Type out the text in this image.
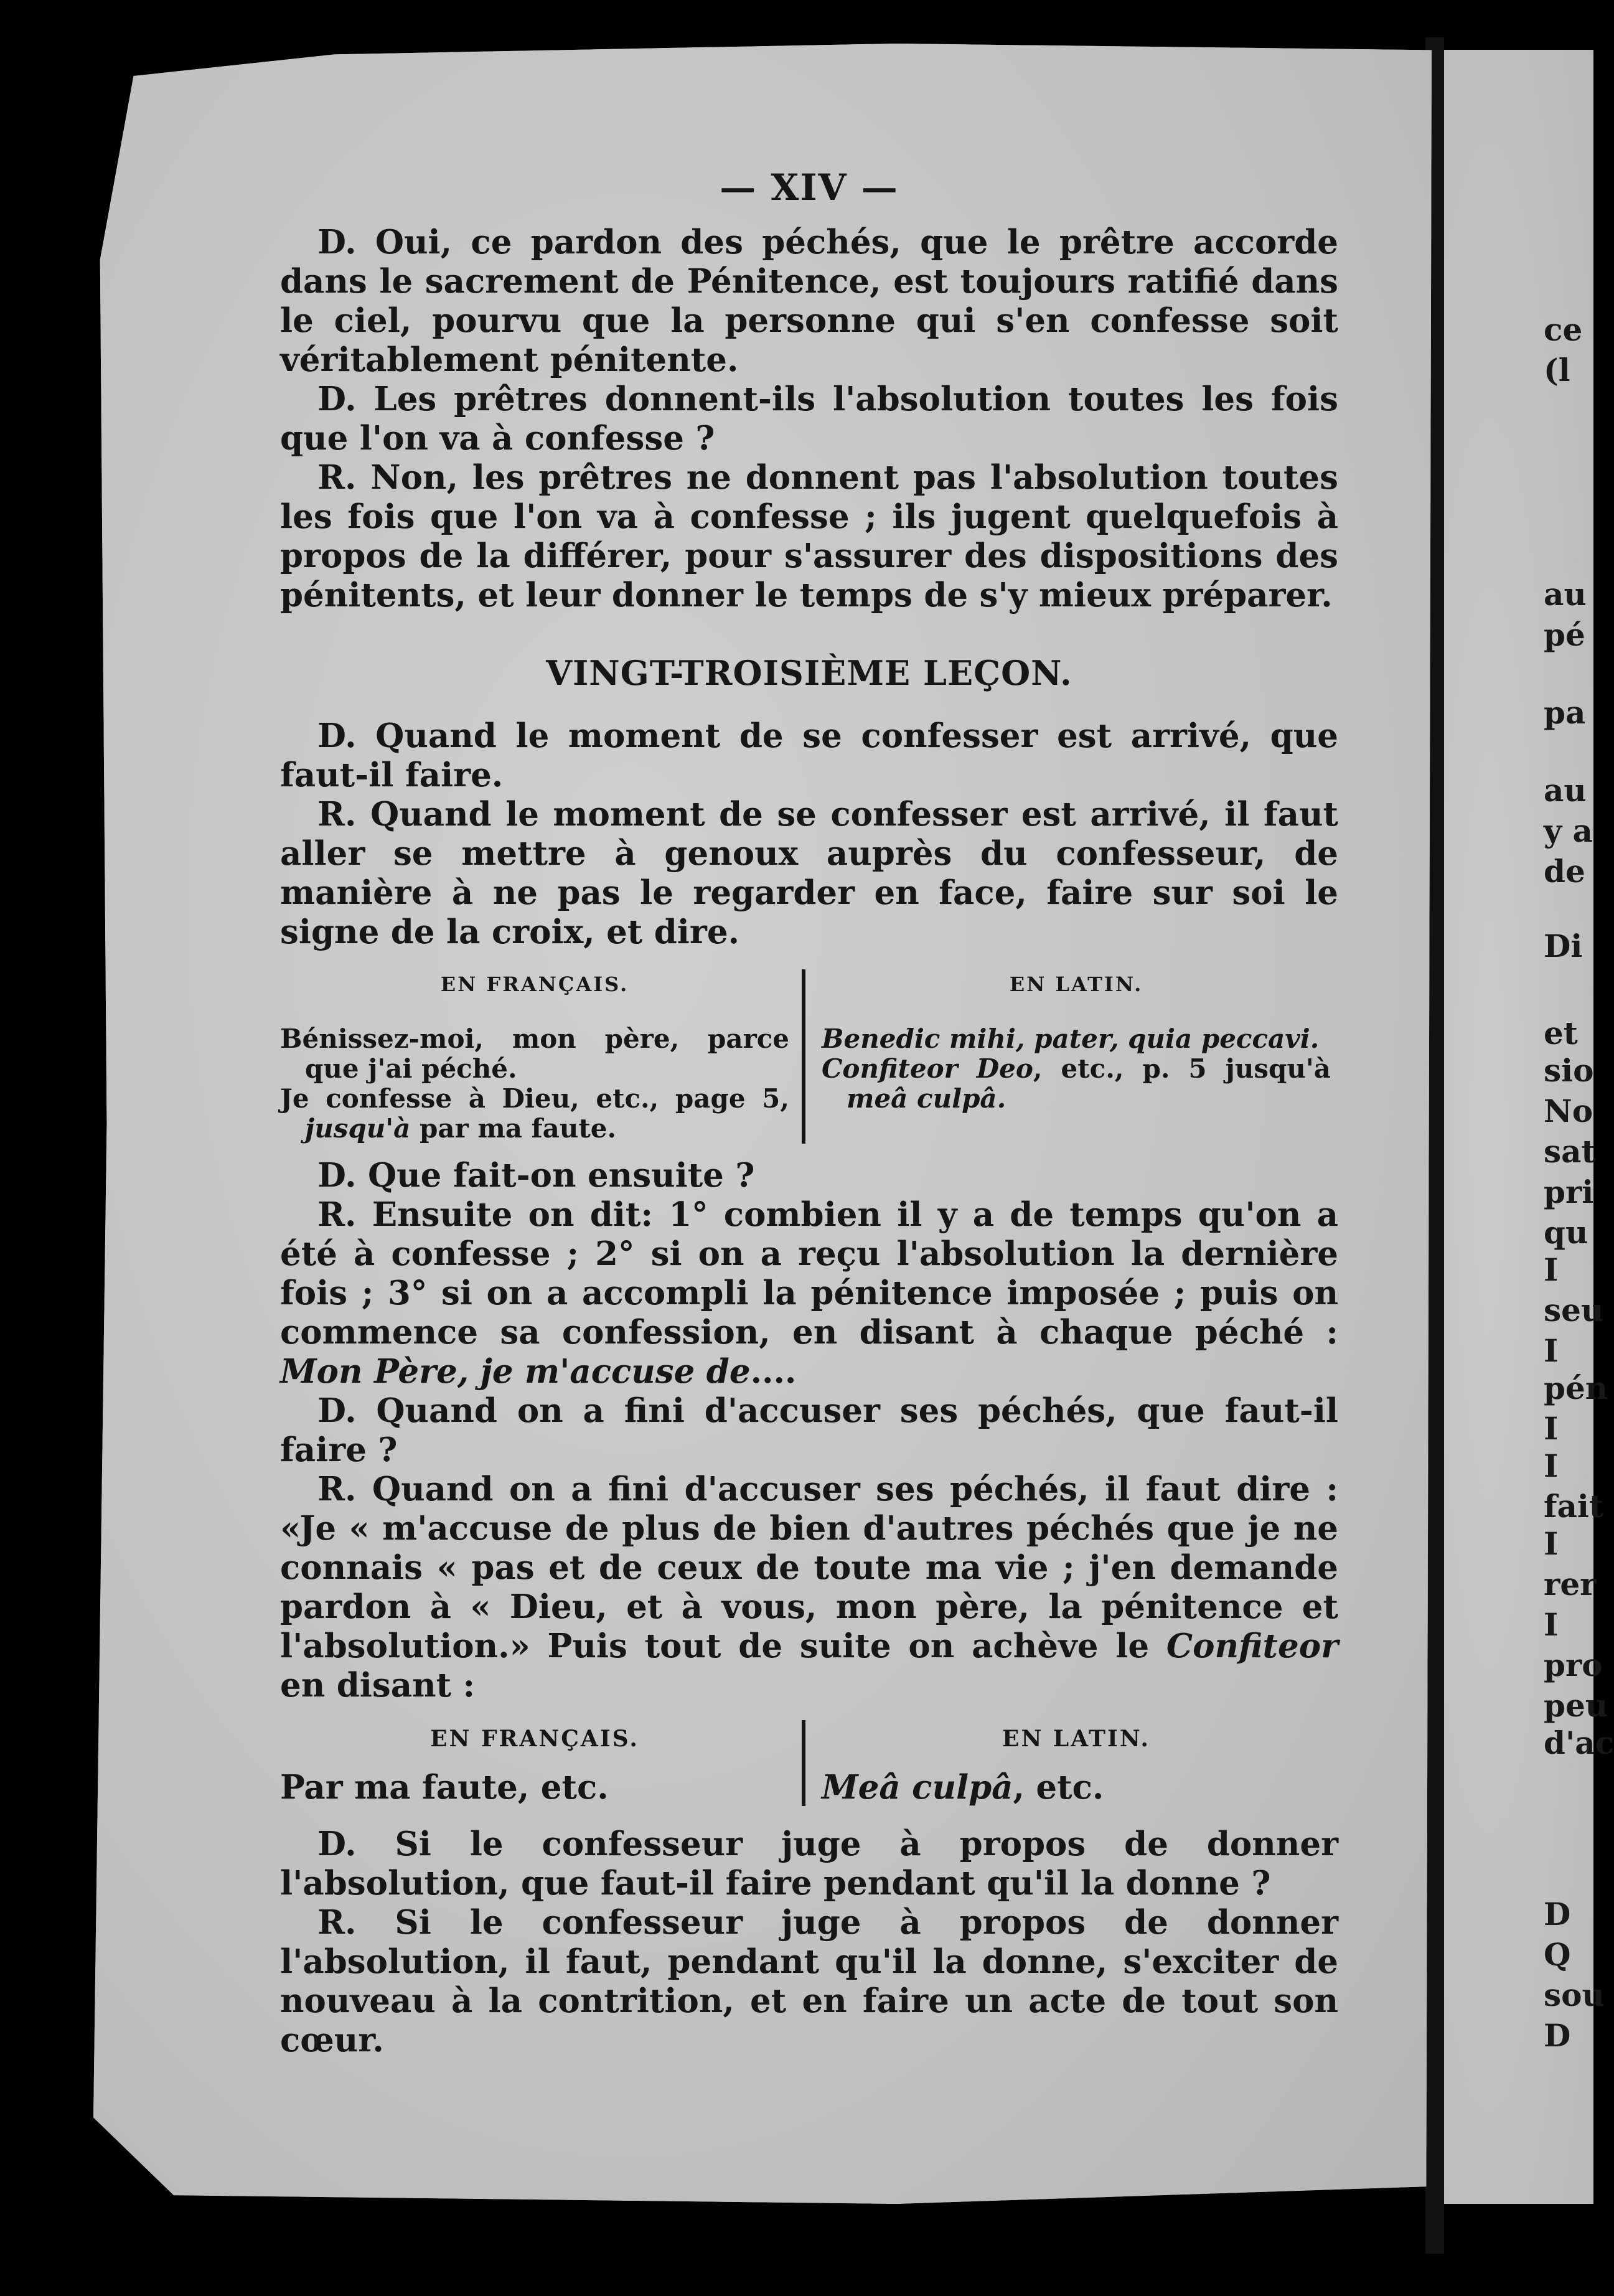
— XIV —

D. Oui, ce pardon des péchés, que le prêtre accorde dans le sacrement de Pénitence, est toujours ratifié dans le ciel, pourvu que la personne qui s'en confesse soit véritablement pénitente.

D. Les prêtres donnent-ils l'absolution toutes les fois que l'on va à confesse ?

R. Non, les prêtres ne donnent pas l'absolution toutes les fois que l'on va à confesse ; ils jugent quelquefois à propos de la différer, pour s'assurer des dispositions des pénitents, et leur donner le temps de s'y mieux préparer.

VINGT-TROISIÈME LEÇON.

D. Quand le moment de se confesser est arrivé, que faut-il faire.

R. Quand le moment de se confesser est arrivé, il faut aller se mettre à genoux auprès du confesseur, de manière à ne pas le regarder en face, faire sur soi le signe de la croix, et dire.

EN FRANÇAIS.
Bénissez-moi, mon père, parce que j'ai péché.
Je confesse à Dieu, etc., page 5, jusqu'à par ma faute.
EN LATIN.
Benedic mihi, pater, quia peccavi.
Confiteor Deo, etc., p. 5 jusqu'à meâ culpâ.

D. Que fait-on ensuite ?

R. Ensuite on dit: 1° combien il y a de temps qu'on a été à confesse ; 2° si on a reçu l'absolution la dernière fois ; 3° si on a accompli la pénitence imposée ; puis on commence sa confession, en disant à chaque péché : Mon Père, je m'accuse de....

D. Quand on a fini d'accuser ses péchés, que faut-il faire ?

R. Quand on a fini d'accuser ses péchés, il faut dire : «Je « m'accuse de plus de bien d'autres péchés que je ne connais « pas et de ceux de toute ma vie ; j'en demande pardon à « Dieu, et à vous, mon père, la pénitence et l'absolution.» Puis tout de suite on achève le Confiteor en disant :

EN FRANÇAIS.
Par ma faute, etc.
EN LATIN.
Meâ culpâ, etc.

D. Si le confesseur juge à propos de donner l'absolution, que faut-il faire pendant qu'il la donne ?

R. Si le confesseur juge à propos de donner l'absolution, il faut, pendant qu'il la donne, s'exciter de nouveau à la contrition, et en faire un acte de tout son cœur.

ce
(l
au
pé
pa
au
y a
de
Di
et
sio
No
sat
pri
qu
I
seu
I
pén
I
I
fait
I
rer
I
pro
peu
d'ac
D
Q
sou
D
